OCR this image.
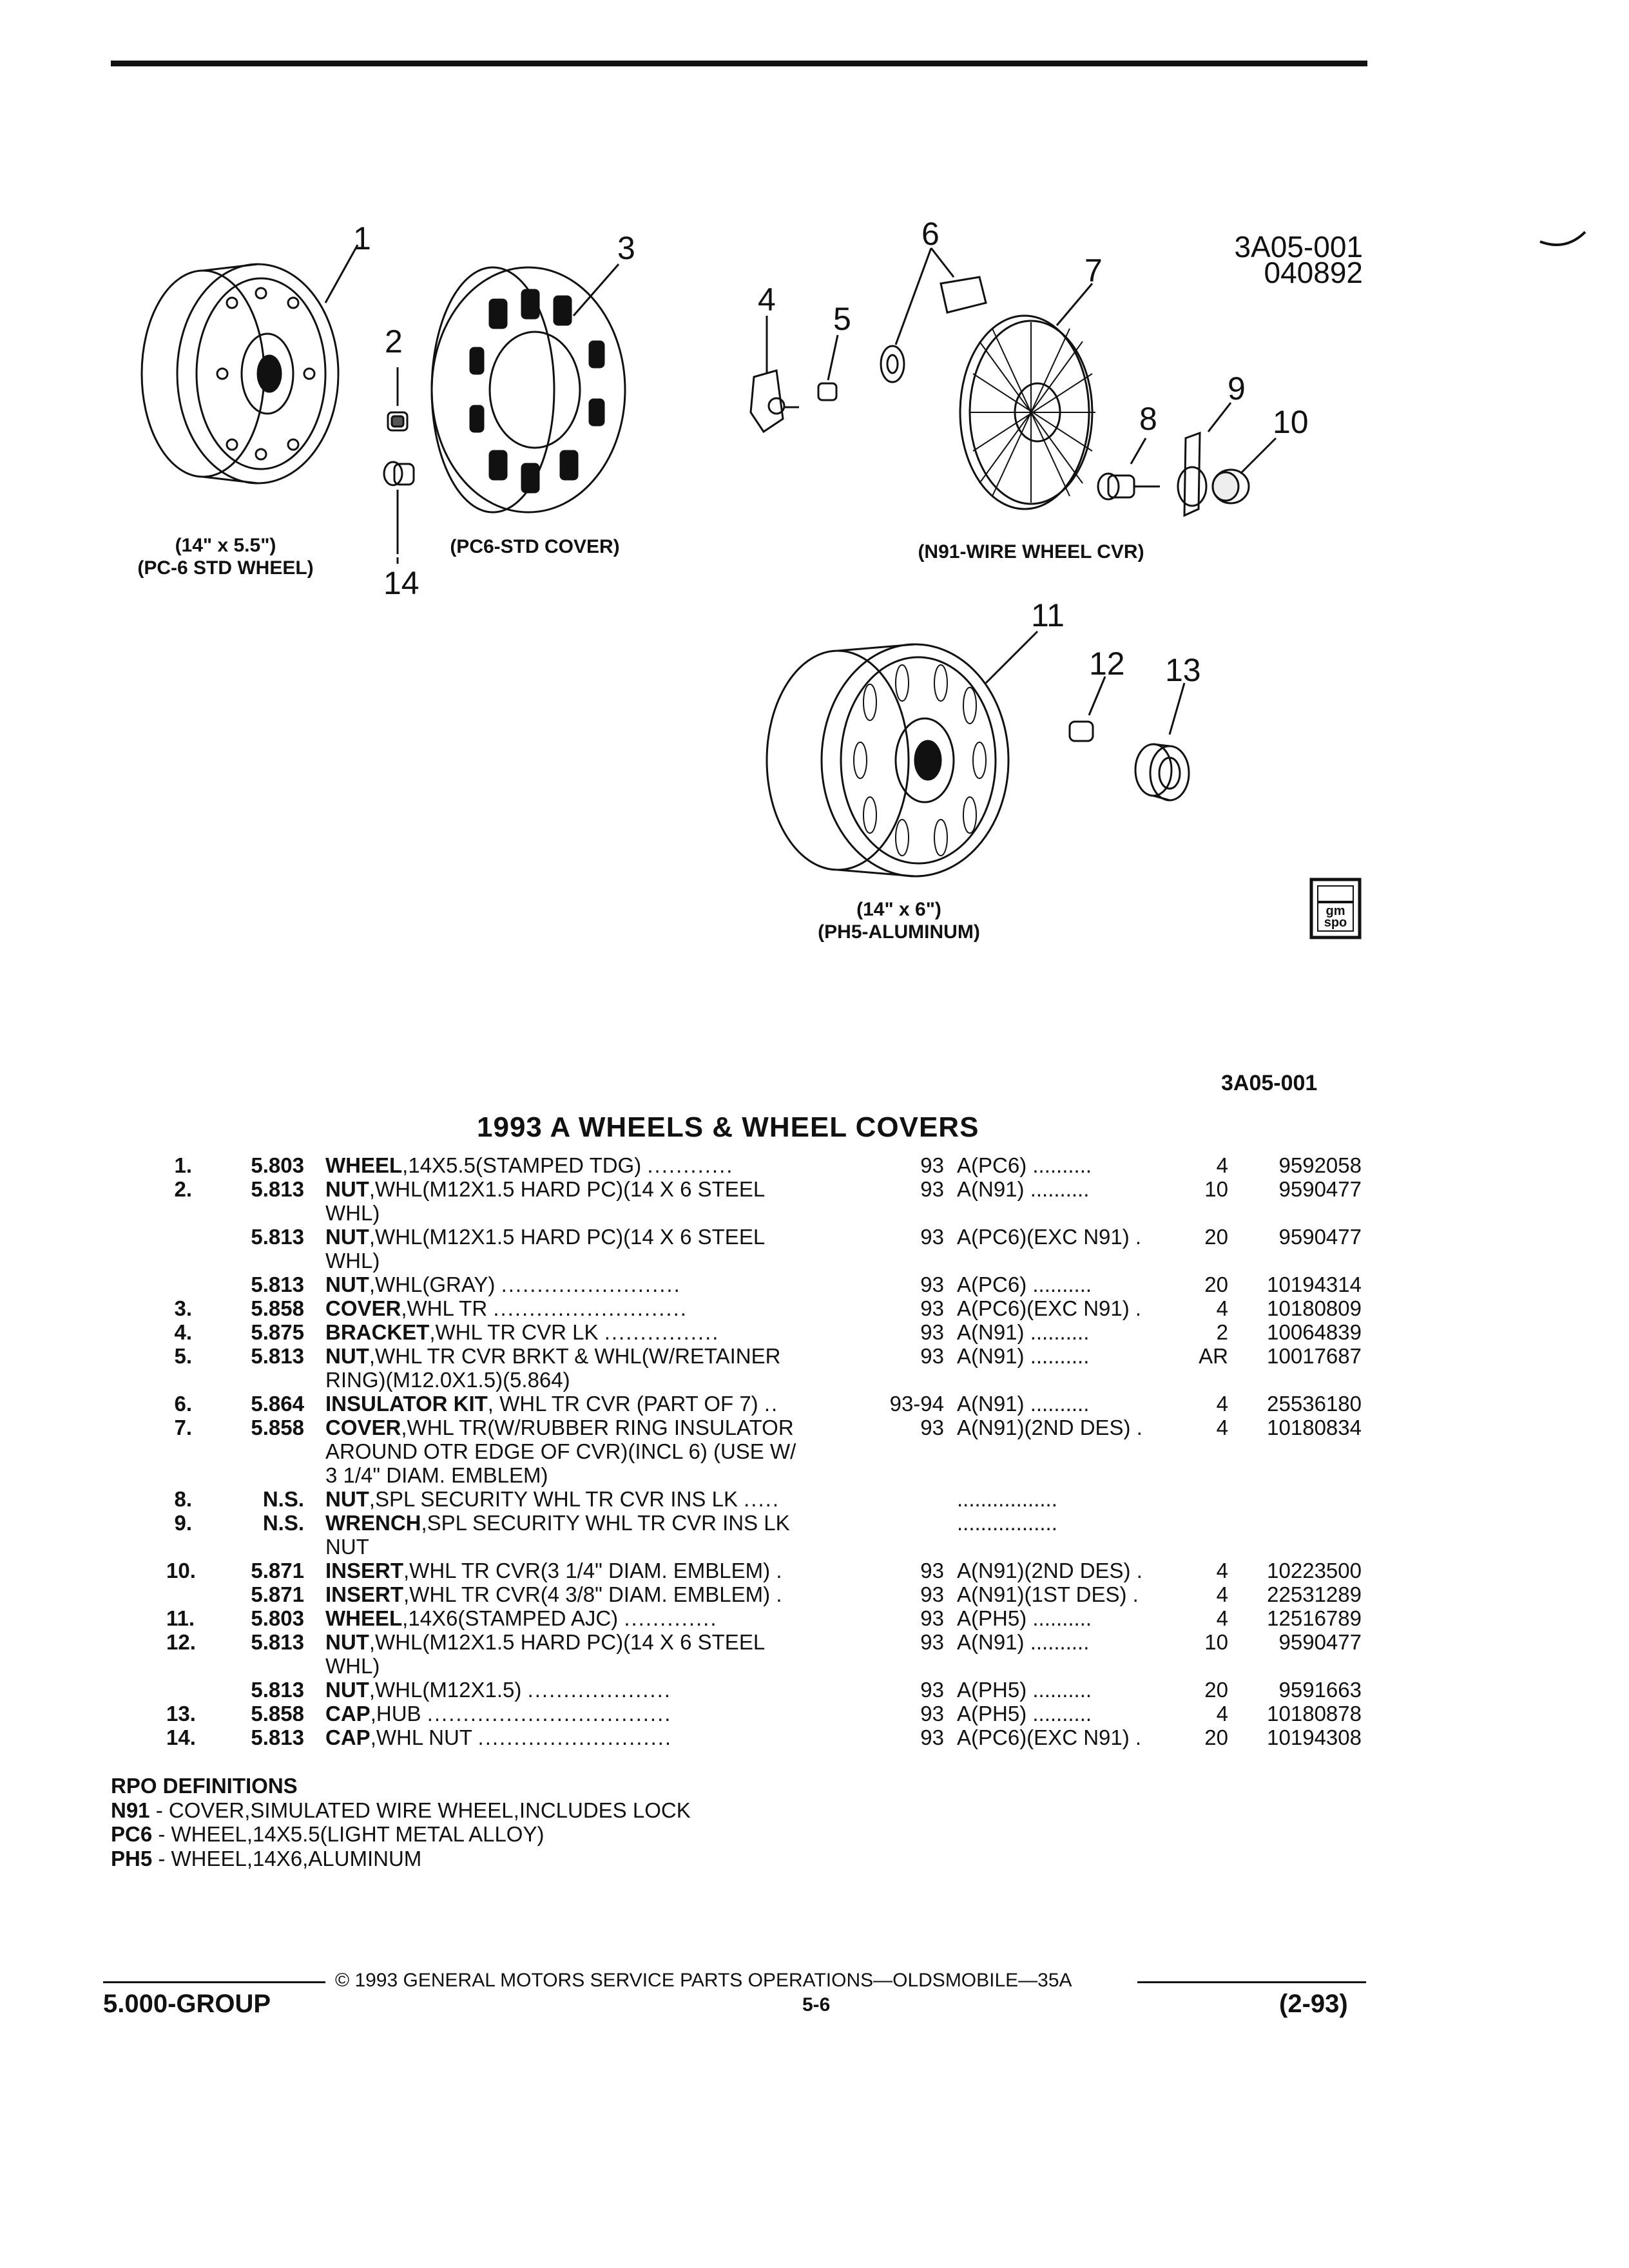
1
2
3
4
5
6
7
8
9
10
11
12 13
14
3A05-001
040892
(14" x 5.5")
(PC-6 STD WHEEL)
(PC6-STD COVER)	(N91-WIRE WHEEL CVR)
(14" x 6")
(PH5-ALUMINUM)
gm
spo
3A05-001
1993 A WHEELS & WHEEL COVERS
1.	5.803 WHEEL,14X5.5(STAMPED TDG) ............	93 A(PC6) ..........	4	9592058
2.	5.813 NUT,WHL(M12X1.5 HARD PC)(14 X 6 STEEL
WHL)
93 A(N91) ..........	10	9590477
5.813 NUT,WHL(M12X1.5 HARD PC)(14 X 6 STEEL
WHL)
93 A(PC6)(EXC N91) .	20	9590477
5.813 NUT,WHL(GRAY) .........................	93 A(PC6) ..........	20	10194314
3.	5.858 COVER,WHL TR ...........................	93 A(PC6)(EXC N91) .	4	10180809
4.	5.875 BRACKET,WHL TR CVR LK ................	93 A(N91) ..........	2	10064839
5.	5.813 NUT,WHL TR CVR BRKT & WHL(W/RETAINER
RING)(M12.0X1.5)(5.864)
93 A(N91) ..........	AR	10017687
6.	5.864 INSULATOR KIT, WHL TR CVR (PART OF 7) ..	93-94 A(N91) ..........	4	25536180
7.	5.858 COVER,WHL TR(W/RUBBER RING INSULATOR
AROUND OTR EDGE OF CVR)(INCL 6) (USE W/
3 1/4" DIAM. EMBLEM)
93 A(N91)(2ND DES) .	4	10180834
8.	N.S. NUT,SPL SECURITY WHL TR CVR INS LK .....	.................
9.	N.S. WRENCH,SPL SECURITY WHL TR CVR INS LK
NUT
.................
10.	5.871 INSERT,WHL TR CVR(3 1/4" DIAM. EMBLEM) .	93 A(N91)(2ND DES) .	4	10223500
5.871 INSERT,WHL TR CVR(4 3/8" DIAM. EMBLEM) .	93 A(N91)(1ST DES) .	4	22531289
11.	5.803 WHEEL,14X6(STAMPED AJC) .............	93 A(PH5) ..........	4	12516789
12.	5.813 NUT,WHL(M12X1.5 HARD PC)(14 X 6 STEEL
WHL)
93 A(N91) ..........	10	9590477
5.813 NUT,WHL(M12X1.5) ....................	93 A(PH5) ..........	20	9591663
13.	5.858 CAP,HUB ..................................	93 A(PH5) ..........	4	10180878
14.	5.813 CAP,WHL NUT ...........................	93 A(PC6)(EXC N91) .	20	10194308
RPO DEFINITIONS
N91 - COVER,SIMULATED WIRE WHEEL,INCLUDES LOCK
PC6 - WHEEL,14X5.5(LIGHT METAL ALLOY)
PH5 - WHEEL,14X6,ALUMINUM
© 1993 GENERAL MOTORS SERVICE PARTS OPERATIONS—OLDSMOBILE—35A
5.000-GROUP	5-6	(2-93)
